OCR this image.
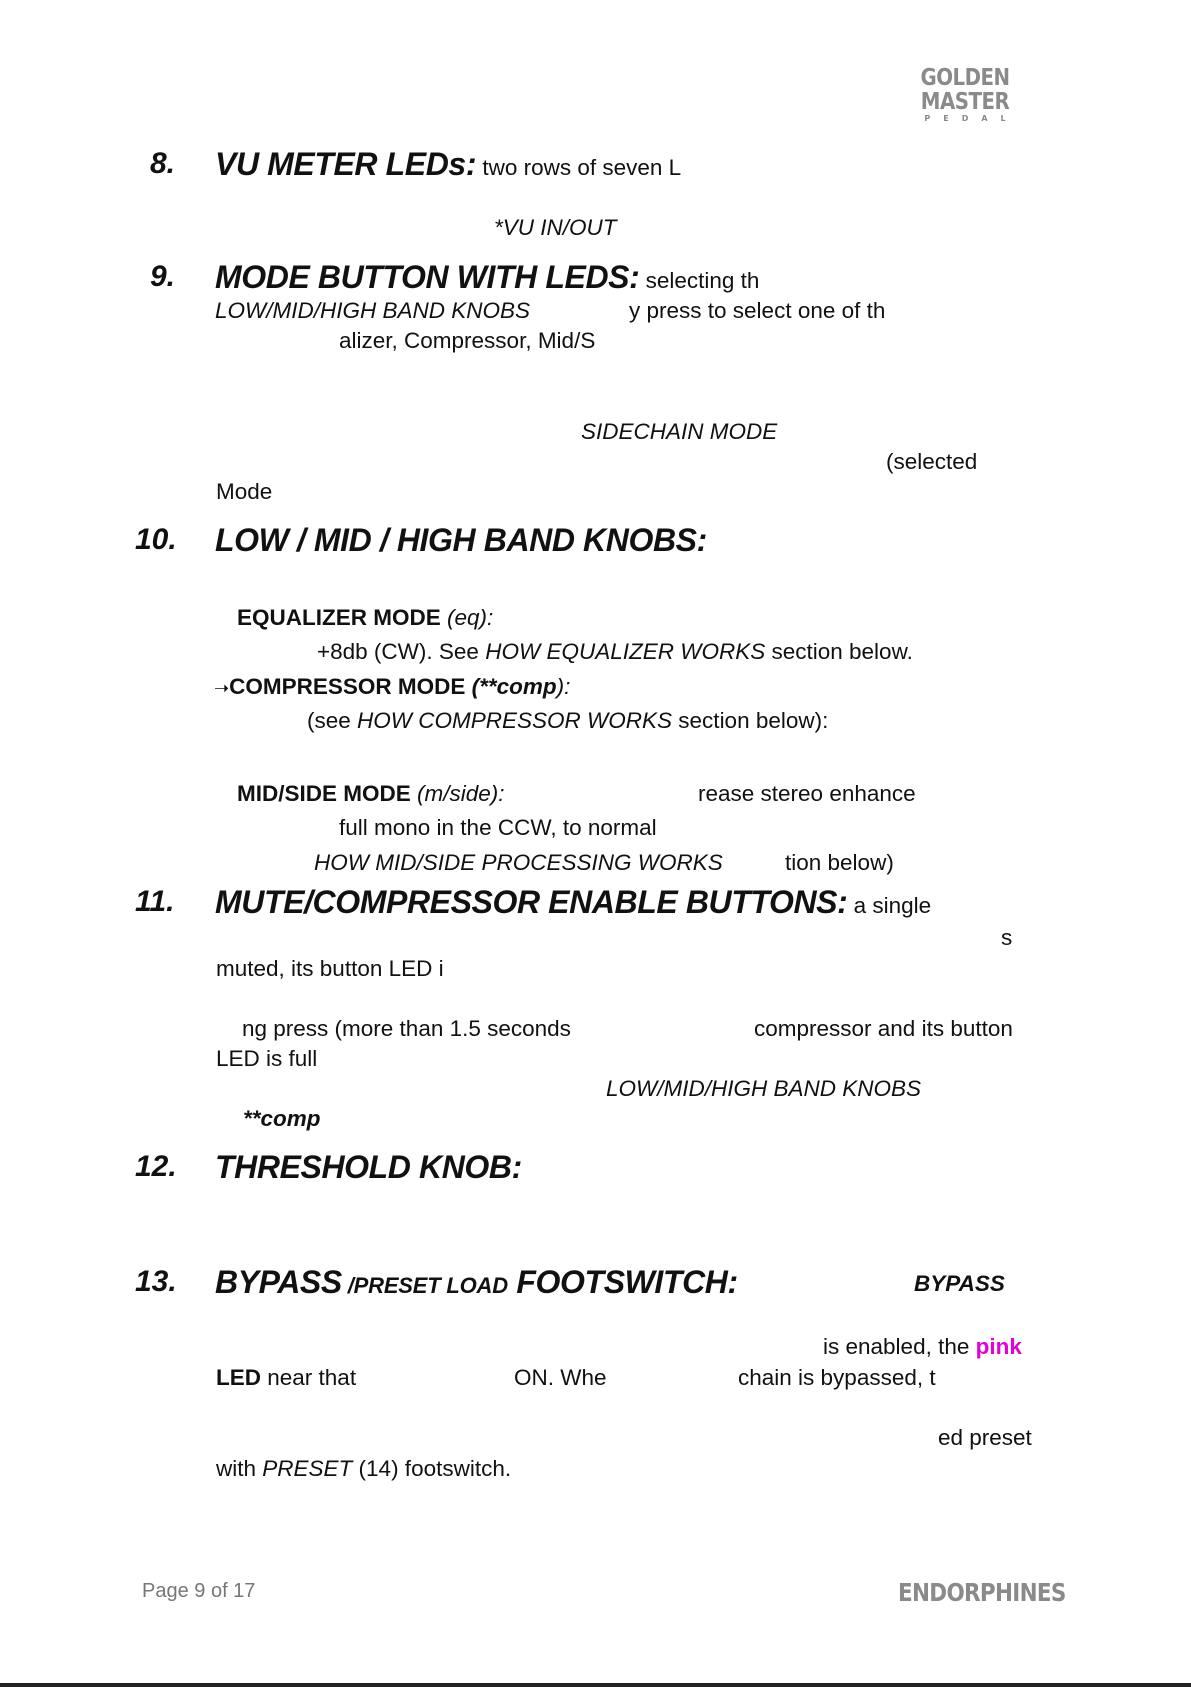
GOLDEN MASTER
PEDAL
8. VU METER LEDs: two rows of seven L
*VU IN/OUT
9. MODE BUTTON WITH LEDS: selecting th
LOW/MID/HIGH BAND KNOBS	y press to select one of th
alizer, Compressor, Mid/S
SIDECHAIN MODE
(selected
Mode
10. LOW / MID / HIGH BAND KNOBS:
EQUALIZER MODE (eq):
+8db (CW). See HOW EQUALIZER WORKS section below.
➝COMPRESSOR MODE (**comp):
(see HOW COMPRESSOR WORKS section below):
MID/SIDE MODE (m/side):	rease stereo enhance
full mono in the CCW, to normal
HOW MID/SIDE PROCESSING WORKS	tion below)
11. MUTE/COMPRESSOR ENABLE BUTTONS: a single
s
muted, its button LED i
ng press (more than 1.5 seconds	compressor and its button
LED is full
LOW/MID/HIGH BAND KNOBS
**comp
12. THRESHOLD KNOB:
13. BYPASS /PRESET LOAD FOOTSWITCH:	BYPASS
is enabled, the pink
LED near that	ON. Whe	chain is bypassed, t
ed preset
with PRESET (14) footswitch.
Page 9 of 17	ENDORPHINES
